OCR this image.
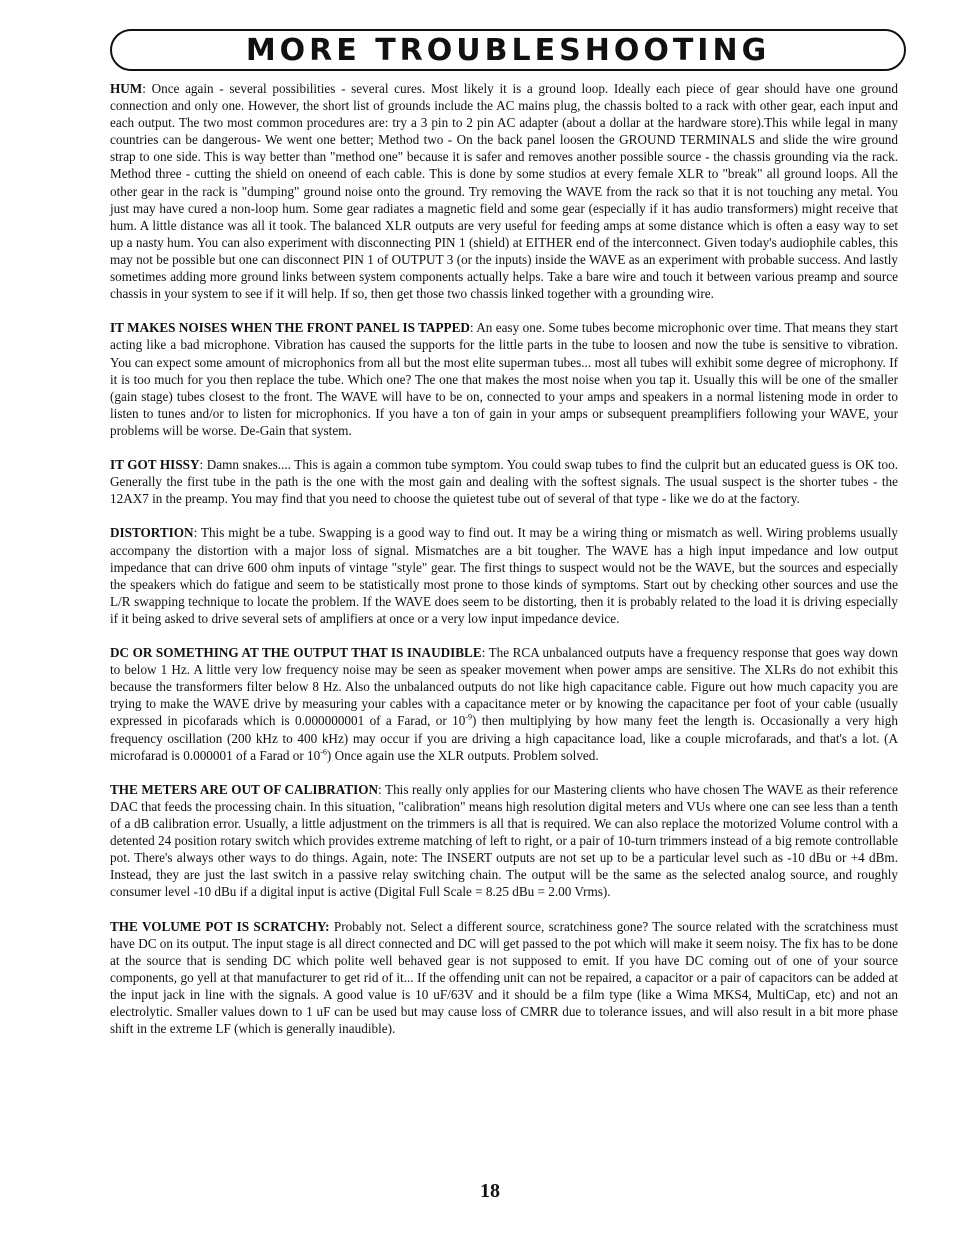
MORE TROUBLESHOOTING

HUM: Once again - several possibilities - several cures. Most likely it is a ground loop. Ideally each piece of gear should have one ground connection and only one. However, the short list of grounds include the AC mains plug, the chassis bolted to a rack with other gear, each input and each output. The two most common procedures are: try a 3 pin to 2 pin AC adapter (about a dollar at the hardware store).This while legal in many countries can be dangerous- We went one better; Method two - On the back panel loosen the GROUND TERMINALS and slide the wire ground strap to one side. This is way better than "method one" because it is safer and removes another possible source - the chassis grounding via the rack. Method three - cutting the shield on oneend of each cable. This is done by some studios at every female XLR to "break" all ground loops. All the other gear in the rack is "dumping" ground noise onto the ground. Try removing the WAVE from the rack so that it is not touching any metal. You just may have cured a non-loop hum. Some gear radiates a magnetic field and some gear (especially if it has audio transformers) might receive that hum. A little distance was all it took. The balanced XLR outputs are very useful for feeding amps at some distance which is often a easy way to set up a nasty hum. You can also experiment with disconnecting PIN 1 (shield) at EITHER end of the interconnect. Given today's audiophile cables, this may not be possible but one can disconnect PIN 1 of OUTPUT 3 (or the inputs) inside the WAVE as an experiment with probable success. And lastly sometimes adding more ground links between system components actually helps. Take a bare wire and touch it between various preamp and source chassis in your system to see if it will help. If so, then get those two chassis linked together with a grounding wire.

IT MAKES NOISES WHEN THE FRONT PANEL IS TAPPED: An easy one. Some tubes become microphonic over time. That means they start acting like a bad microphone. Vibration has caused the supports for the little parts in the tube to loosen and now the tube is sensitive to vibration. You can expect some amount of microphonics from all but the most elite superman tubes... most all tubes will exhibit some degree of microphony. If it is too much for you then replace the tube. Which one? The one that makes the most noise when you tap it. Usually this will be one of the smaller (gain stage) tubes closest to the front. The WAVE will have to be on, connected to your amps and speakers in a normal listening mode in order to listen to tunes and/or to listen for microphonics. If you have a ton of gain in your amps or subsequent preamplifiers following your WAVE, your problems will be worse. De-Gain that system.

IT GOT HISSY: Damn snakes.... This is again a common tube symptom. You could swap tubes to find the culprit but an educated guess is OK too. Generally the first tube in the path is the one with the most gain and dealing with the softest signals. The usual suspect is the shorter tubes - the 12AX7 in the preamp. You may find that you need to choose the quietest tube out of several of that type - like we do at the factory.

DISTORTION: This might be a tube. Swapping is a good way to find out. It may be a wiring thing or mismatch as well. Wiring problems usually accompany the distortion with a major loss of signal. Mismatches are a bit tougher. The WAVE has a high input impedance and low output impedance that can drive 600 ohm inputs of vintage "style" gear. The first things to suspect would not be the WAVE, but the sources and especially the speakers which do fatigue and seem to be statistically most prone to those kinds of symptoms. Start out by checking other sources and use the L/R swapping technique to locate the problem. If the WAVE does seem to be distorting, then it is probably related to the load it is driving especially if it being asked to drive several sets of amplifiers at once or a very low input impedance device.

DC OR SOMETHING AT THE OUTPUT THAT IS INAUDIBLE: The RCA unbalanced outputs have a frequency response that goes way down to below 1 Hz. A little very low frequency noise may be seen as speaker movement when power amps are sensitive. The XLRs do not exhibit this because the transformers filter below 8 Hz. Also the unbalanced outputs do not like high capacitance cable. Figure out how much capacity you are trying to make the WAVE drive by measuring your cables with a capacitance meter or by knowing the capacitance per foot of your cable (usually expressed in picofarads which is 0.000000001 of a Farad, or $10^{-9}$) then multiplying by how many feet the length is. Occasionally a very high frequency oscillation (200 kHz to 400 kHz) may occur if you are driving a high capacitance load, like a couple microfarads, and that's a lot. (A microfarad is 0.000001 of a Farad or $10^{-6}$) Once again use the XLR outputs. Problem solved.

THE METERS ARE OUT OF CALIBRATION: This really only applies for our Mastering clients who have chosen The WAVE as their reference DAC that feeds the processing chain. In this situation, "calibration" means high resolution digital meters and VUs where one can see less than a tenth of a dB calibration error. Usually, a little adjustment on the trimmers is all that is required. We can also replace the motorized Volume control with a detented 24 position rotary switch which provides extreme matching of left to right, or a pair of 10-turn trimmers instead of a big remote controllable pot. There's always other ways to do things. Again, note: The INSERT outputs are not set up to be a particular level such as -10 dBu or +4 dBm. Instead, they are just the last switch in a passive relay switching chain. The output will be the same as the selected analog source, and roughly consumer level -10 dBu if a digital input is active (Digital Full Scale = 8.25 dBu = 2.00 Vrms).

THE VOLUME POT IS SCRATCHY: Probably not. Select a different source, scratchiness gone? The source related with the scratchiness must have DC on its output. The input stage is all direct connected and DC will get passed to the pot which will make it seem noisy. The fix has to be done at the source that is sending DC which polite well behaved gear is not supposed to emit. If you have DC coming out of one of your source components, go yell at that manufacturer to get rid of it... If the offending unit can not be repaired, a capacitor or a pair of capacitors can be added at the input jack in line with the signals. A good value is 10 uF/63V and it should be a film type (like a Wima MKS4, MultiCap, etc) and not an electrolytic. Smaller values down to 1 uF can be used but may cause loss of CMRR due to tolerance issues, and will also result in a bit more phase shift in the extreme LF (which is generally inaudible).

18
